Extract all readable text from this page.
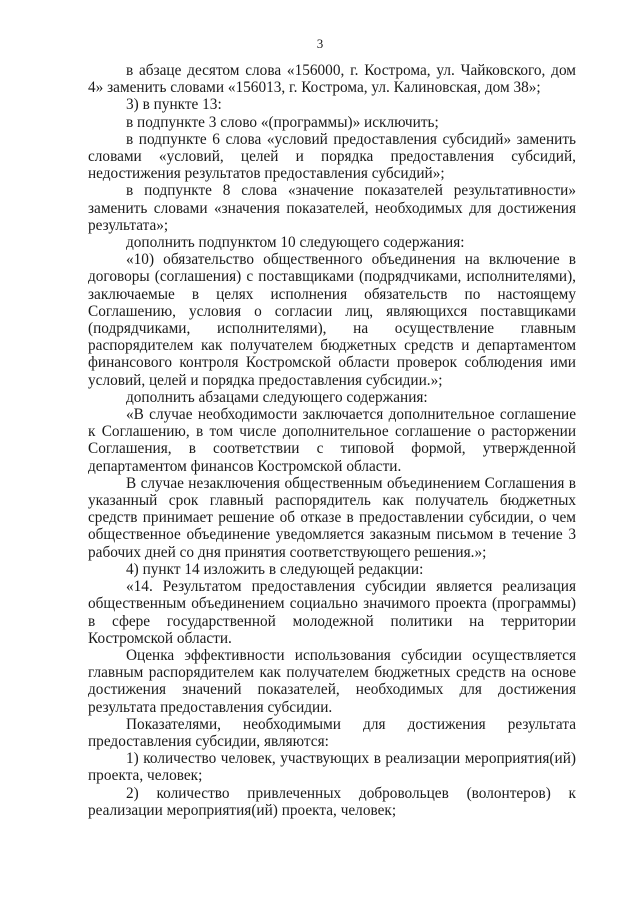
3

в абзаце десятом слова «156000, г. Кострома, ул. Чайковского, дом 4» заменить словами «156013, г. Кострома, ул. Калиновская, дом 38»;

3) в пункте 13:

в подпункте 3 слово «(программы)» исключить;

в подпункте 6 слова «условий предоставления субсидий» заменить словами «условий, целей и порядка предоставления субсидий, недостижения результатов предоставления субсидий»;

в подпункте 8 слова «значение показателей результативности» заменить словами «значения показателей, необходимых для достижения результата»;

дополнить подпунктом 10 следующего содержания:

«10) обязательство общественного объединения на включение в договоры (соглашения) с поставщиками (подрядчиками, исполнителями), заключаемые в целях исполнения обязательств по настоящему Соглашению, условия о согласии лиц, являющихся поставщиками (подрядчиками, исполнителями), на осуществление главным распорядителем как получателем бюджетных средств и департаментом финансового контроля Костромской области проверок соблюдения ими условий, целей и порядка предоставления субсидии.»;

дополнить абзацами следующего содержания:

«В случае необходимости заключается дополнительное соглашение к Соглашению, в том числе дополнительное соглашение о расторжении Соглашения, в соответствии с типовой формой, утвержденной департаментом финансов Костромской области.

В случае незаключения общественным объединением Соглашения в указанный срок главный распорядитель как получатель бюджетных средств принимает решение об отказе в предоставлении субсидии, о чем общественное объединение уведомляется заказным письмом в течение 3 рабочих дней со дня принятия соответствующего решения.»;

4) пункт 14 изложить в следующей редакции:

«14. Результатом предоставления субсидии является реализация общественным объединением социально значимого проекта (программы) в сфере государственной молодежной политики на территории Костромской области.

Оценка эффективности использования субсидии осуществляется главным распорядителем как получателем бюджетных средств на основе достижения значений показателей, необходимых для достижения результата предоставления субсидии.

Показателями, необходимыми для достижения результата предоставления субсидии, являются:

1) количество человек, участвующих в реализации мероприятия(ий) проекта, человек;

2) количество привлеченных добровольцев (волонтеров) к реализации мероприятия(ий) проекта, человек;
